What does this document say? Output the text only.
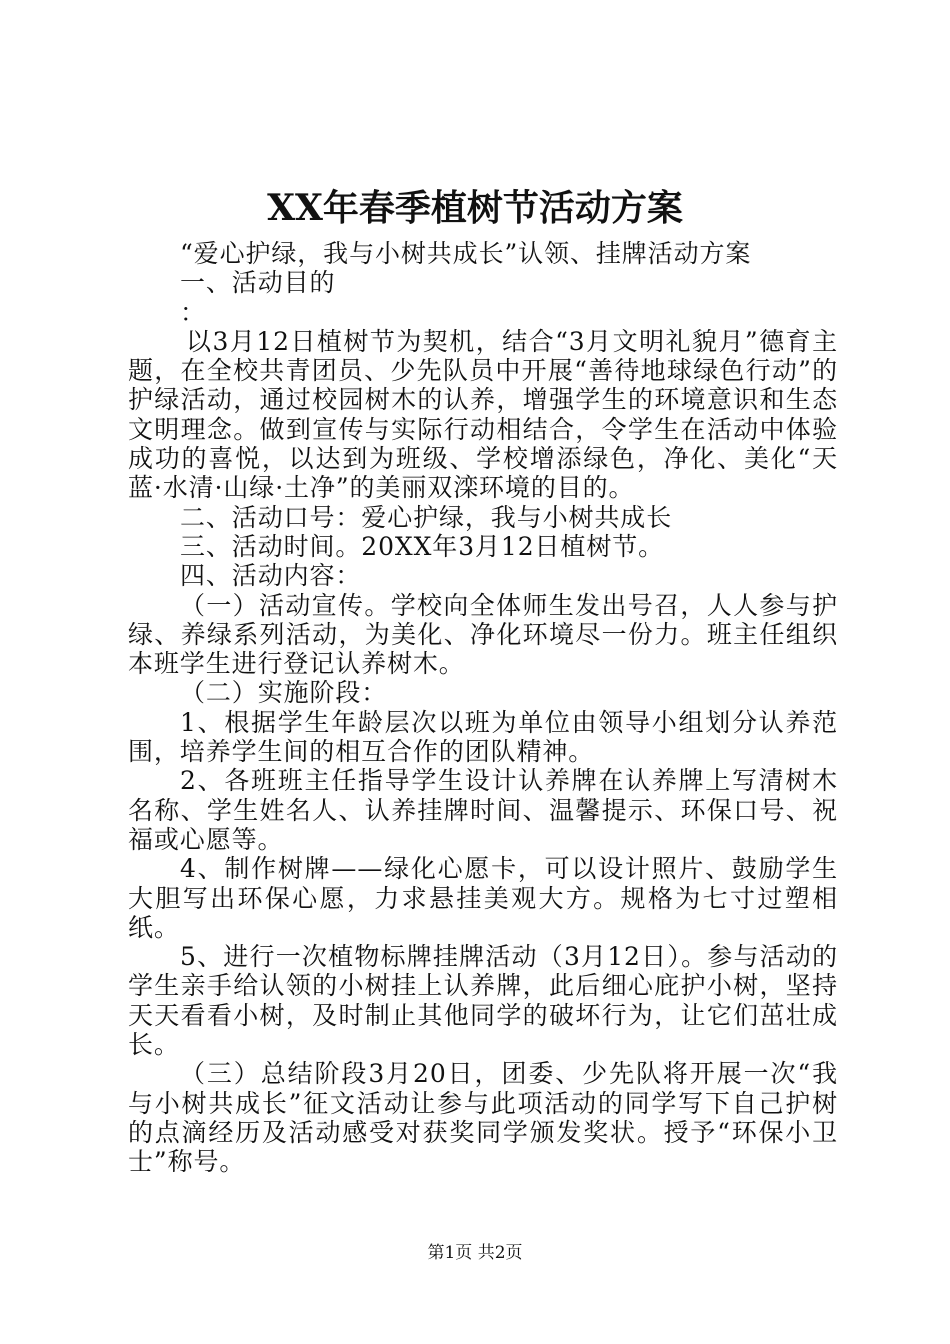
XX年春季植树节活动方案

“爱心护绿，我与小树共成长”认领、挂牌活动方案

一、活动目的

：

以3月12日植树节为契机，结合“3月文明礼貌月”德育主题，在全校共青团员、少先队员中开展“善待地球绿色行动”的护绿活动，通过校园树木的认养，增强学生的环境意识和生态文明理念。做到宣传与实际行动相结合，令学生在活动中体验成功的喜悦，以达到为班级、学校增添绿色，净化、美化“天蓝·水清·山绿·土净”的美丽双滦环境的目的。

二、活动口号：爱心护绿，我与小树共成长

三、活动时间。20XX年3月12日植树节。

四、活动内容：

（一）活动宣传。学校向全体师生发出号召，人人参与护绿、养绿系列活动，为美化、净化环境尽一份力。班主任组织本班学生进行登记认养树木。

（二）实施阶段：

1、根据学生年龄层次以班为单位由领导小组划分认养范围，培养学生间的相互合作的团队精神。

2、各班班主任指导学生设计认养牌在认养牌上写清树木名称、学生姓名人、认养挂牌时间、温馨提示、环保口号、祝福或心愿等。

4、制作树牌——绿化心愿卡，可以设计照片、鼓励学生大胆写出环保心愿，力求悬挂美观大方。规格为七寸过塑相纸。

5、进行一次植物标牌挂牌活动（3月12日）。参与活动的学生亲手给认领的小树挂上认养牌，此后细心庇护小树，坚持天天看看小树，及时制止其他同学的破坏行为，让它们茁壮成长。

（三）总结阶段3月20日，团委、少先队将开展一次“我与小树共成长”征文活动让参与此项活动的同学写下自己护树的点滴经历及活动感受对获奖同学颁发奖状。授予“环保小卫士”称号。

第1页 共2页
